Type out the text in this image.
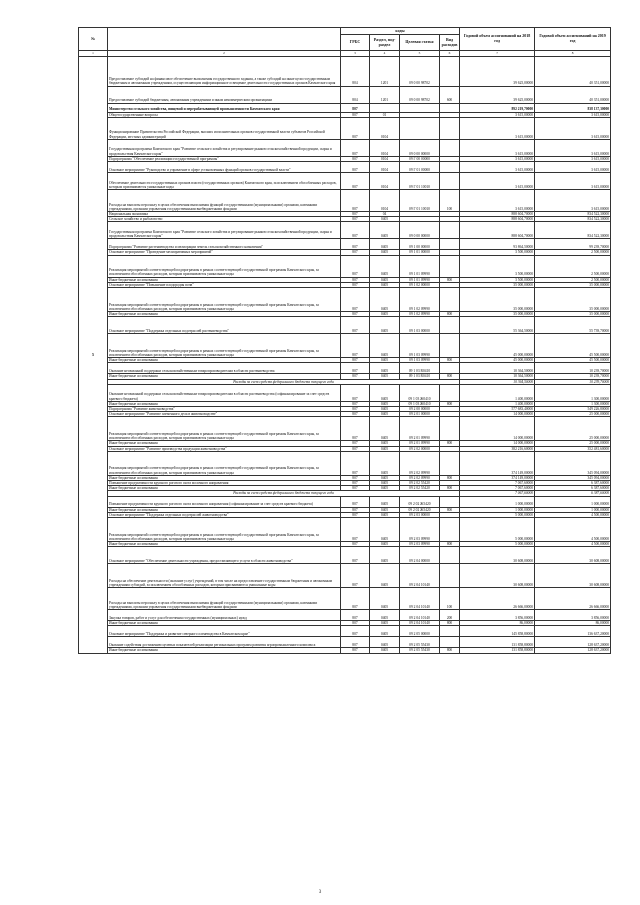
№		коды				Годовой объем ассигнований на 2018 год	Годовой объем ассигнований на 2019 год
		ГРБС	Раздел, под-раздел	Целевая статья	Вид расходов		
1	2	3	4	5	6	7	8
5	Предоставление субсидий на финансовое обеспечение выполнения государственного задания, а также субсидий на иные цели государственным бюджетным и автономным учреждениям, осуществляющим информационное освещение деятельности государственных органов Камчатского края	804	1201	09 0 00 98702		39 625,00000	40 351,00000
	Предоставление субсидий бюджетным, автономным учреждениям и иным некоммерческим организациям	804	1201	09 0 00 98702	600	39 625,00000	40 351,00000
	Министерство сельского хозяйства, пищевой и перерабатывающей промышленности Камчатского края	807				892 219,70000	838 137,30000
	Общегосударственные вопросы	807	01			3 615,00000	3 615,00000
	Функционирование Правительства Российской Федерации, высших исполнительных органов государственной власти субъектов Российской Федерации, местных администраций	807	0104			3 615,00000	3 615,00000
	Государственная программа Камчатского края "Развитие сельского хозяйства и регулирование рынков сельскохозяйственной продукции, сырья и продовольствия Камчатского края"	807	0104	09 0 00 00000		3 615,00000	3 615,00000
	Подпрограмма "Обеспечение реализации государственной программы"	807	0104	09 Г 00 00000		3 615,00000	3 615,00000
	Основное мероприятие "Руководство и управление в сфере установленных функций органов государственной власти"	807	0104	09 Г 01 00000		3 615,00000	3 615,00000
	Обеспечение деятельности государственных органов власти (государственных органов) Камчатского края, за исключением обособленных расходов, которым присваиваются уникальные коды	807	0104	09 Г 01 10010		3 615,00000	3 615,00000
	Расходы на выплаты персоналу в целях обеспечения выполнения функций государственными (муниципальными) органами, казенными учреждениями, органами управления государственными внебюджетными фондами	807	0104	09 Г 01 10010	100	3 615,00000	3 615,00000
	Национальная экономика	807	04			888 604,70000	834 522,30000
	Сельское хозяйство и рыболовство	807	0405			888 604,70000	834 522,30000
	Государственная программа Камчатского края "Развитие сельского хозяйства и регулирование рынков сельскохозяйственной продукции, сырья и продовольствия Камчатского края"	807	0405	09 0 00 00000		888 604,70000	834 522,30000
	Подпрограмма "Развитие растениеводства и мелиорации земель сельскохозяйственного назначения"	807	0405	09 1 00 00000		93 864,50000	99 239,70000
	Основное мероприятие "Проведение мелиоративных мероприятий"	807	0405	09 1 01 00000		3 500,00000	2 500,00000
	Реализация мероприятий соответствующей подпрограммы в рамках соответствующей государственной программы Камчатского края, за исключением обособленных расходов, которым присваиваются уникальные коды	807	0405	09 1 01 09990		3 500,00000	2 500,00000
	Иные бюджетные ассигнования	807	0405	09 1 01 09990	800	3 500,00000	2 500,00000
	Основное мероприятие "Повышение плодородия почв"	807	0405	09 1 02 00000		35 000,00000	35 000,00000
	Реализация мероприятий соответствующей подпрограммы в рамках соответствующей государственной программы Камчатского края, за исключением обособленных расходов, которым присваиваются уникальные коды	807	0405	09 1 02 09990		35 000,00000	35 000,00000
	Иные бюджетные ассигнования	807	0405	09 1 02 09990	800	35 000,00000	35 000,00000
	Основное мероприятие "Поддержка отдельных подотраслей растениеводства"	807	0405	09 1 03 00000		55 364,50000	55 739,70000
	Реализация мероприятий соответствующей подпрограммы в рамках соответствующей государственной программы Камчатского края, за исключением обособленных расходов, которым присваиваются уникальные коды	807	0405	09 1 03 09990		45 000,00000	45 500,00000
	Иные бюджетные ассигнования	807	0405	09 1 03 09990	800	45 000,00000	45 500,00000
	Оказание несвязанной поддержки сельскохозяйственным товаропроизводителям в области растениеводства	807	0405	09 1 03 R0410		10 364,50000	10 239,70000
	Иные бюджетные ассигнования	807	0405	09 1 03 R0410	800	10 364,50000	10 239,70000
	Расходы за счет средств федерального бюджета текущего года					10 364,50000	10 239,70000
	Оказание несвязанной поддержки сельскохозяйственным товаропроизводителям в области растениеводства (софинансирование за счет средств краевого бюджета)	807	0405	09 1 03 Ж0410		1 400,00000	1 300,00000
	Иные бюджетные ассигнования	807	0405	09 1 03 Ж0410	800	1 400,00000	1 300,00000
	Подпрограмма "Развитие животноводства"	807	0405	09 2 00 00000		577 683,40000	549 226,80000
	Основное мероприятие "Развитие племенного дела в животноводстве"	807	0405	09 2 01 00000		14 000,00000	25 000,00000
	Реализация мероприятий соответствующей подпрограммы в рамках соответствующей государственной программы Камчатского края, за исключением обособленных расходов, которым присваиваются уникальные коды	807	0405	09 2 01 09990		14 000,00000	25 000,00000
	Иные бюджетные ассигнования	807	0405	09 2 01 09990	800	14 000,00000	25 000,00000
	Основное мероприятие "Развитие производства продукции животноводства"	807	0405	09 2 02 00000		382 216,60000	352 481,60000
	Реализация мероприятий соответствующей подпрограммы в рамках соответствующей государственной программы Камчатского края, за исключением обособленных расходов, которым присваиваются уникальные коды	807	0405	09 2 02 09990		374 149,00000	345 094,00000
	Иные бюджетные ассигнования	807	0405	09 2 02 09990	800	374 149,00000	345 094,00000
	Повышение продуктивности крупного рогатого скота молочного направления	807	0405	09 2 02 55420		7 067,60000	6 387,60000
	Иные бюджетные ассигнования	807	0405	09 2 02 55420	800	7 067,60000	6 387,60000
	Расходы за счет средств федерального бюджета текущего года					7 067,60000	6 387,60000
	Повышение продуктивности крупного рогатого скота молочного направления (софинансирование за счет средств краевого бюджета)	807	0405	09 2 02 Ж5420		1 000,00000	1 000,00000
	Иные бюджетные ассигнования	807	0405	09 2 02 Ж5420	800	1 000,00000	1 000,00000
	Основное мероприятие "Поддержка отдельных подотраслей животноводства"	807	0405	09 2 03 00000		5 000,00000	4 500,00000
	Реализация мероприятий соответствующей подпрограммы в рамках соответствующей государственной программы Камчатского края, за исключением обособленных расходов, которым присваиваются уникальные коды	807	0405	09 2 03 09990		5 000,00000	4 500,00000
	Иные бюджетные ассигнования	807	0405	09 2 03 09990	800	5 000,00000	4 500,00000
	Основное мероприятие "Обеспечение деятельности учреждения, предоставляющего услуги в области животноводства"	807	0405	09 2 04 00000		30 608,00000	30 608,00000
	Расходы на обеспечение деятельности (оказание услуг) учреждений, в том числе на предоставление государственным бюджетным и автономным учреждениям субсидий, за исключением обособленных расходов, которым присваиваются уникальные коды	807	0405	09 2 04 10140		30 608,00000	30 608,00000
	Расходы на выплаты персоналу в целях обеспечения выполнения функций государственными (муниципальными) органами, казенными учреждениями, органами управления государственными внебюджетными фондами	807	0405	09 2 04 10140	100	26 666,00000	26 666,00000
	Закупка товаров, работ и услуг для обеспечения государственных (муниципальных) нужд	807	0405	09 2 04 10140	200	3 856,00000	3 856,00000
	Иные бюджетные ассигнования	807	0405	09 2 04 10140	800	86,00000	86,00000
	Основное мероприятие "Поддержка и развитие северного оленеводства в Камчатском крае"	807	0405	09 2 05 00000		145 858,80000	136 637,20000
	Оказание содействия достижению целевых показателей реализации региональных программ развития агропромышленного комплекса	807	0405	09 2 05 55430		131 858,80000	128 637,20000
	Иные бюджетные ассигнования	807	0405	09 2 05 55430	800	131 858,80000	128 637,20000
3
